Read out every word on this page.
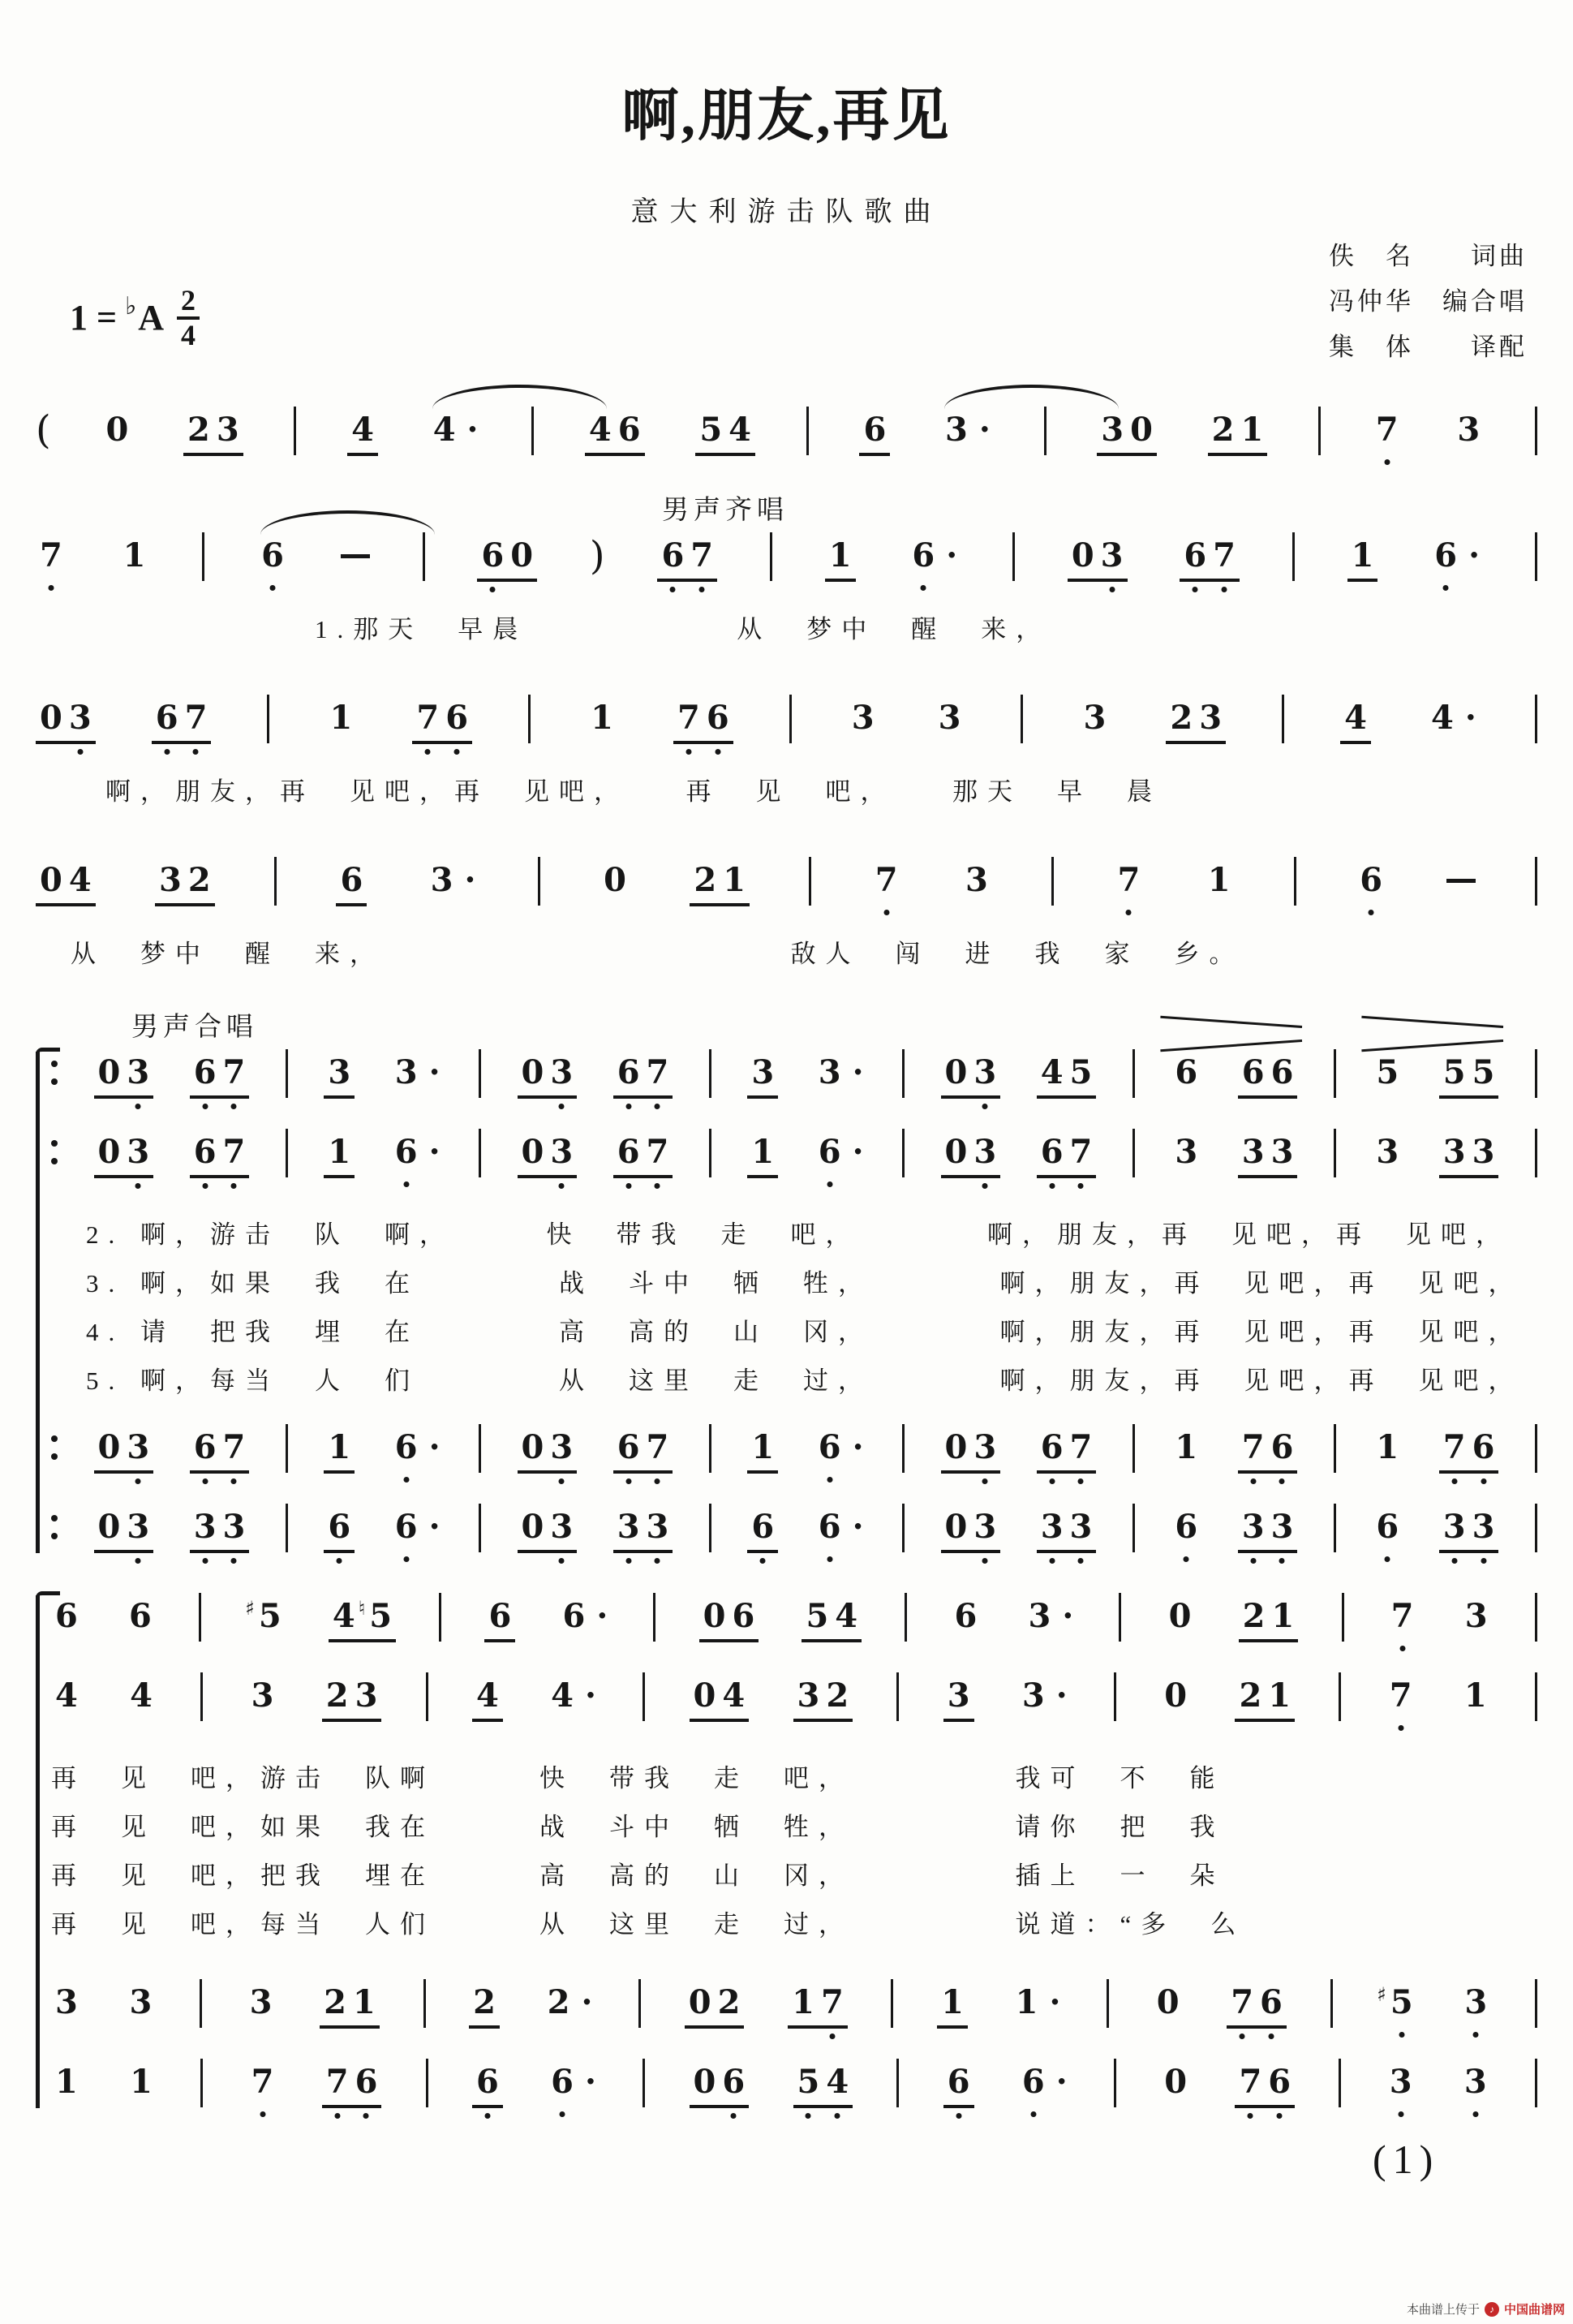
啊,朋友,再见
意大利游击队歌曲
佚　名　　词曲
冯仲华　编合唱
集　体　　译配
1 = ♭ A $\frac{2}{4}$
( 0 2 3	4 4 ·	4 6 5 4	6 3 ·	3 0 2 1	7 3
男声齐唱
7 1	6	6 0 ) 6 7	1 6 ·	0 3 6 7	1 6 ·
　　　　　　　　1.那天　早晨　　　　　　从　梦中　醒　来，
0 3 6 7	1 7 6	1 7 6	3 3	3 2 3	4 4 ·
　　啊，朋友，再　见吧，再　见吧，　　再　见　吧，　　那天　早　晨
0 4 3 2	6 3 ·	0 2 1	7 3	7 1	6
　从　梦中　醒　来，　　　　　　　　　　　　敌人　闯　进　我　家　乡。
男声合唱
0 3 6 7	3 3 ·	0 3 6 7	3 3 ·	0 3 4 5	6 6 6	5 5 5
0 3 6 7	1 6 ·	0 3 6 7	1 6 ·	0 3 6 7	3 3 3	3 3 3
　2. 啊，游击　队　啊，　　　快　带我　走　吧，　　　　啊，朋友，再　见吧，再　见吧，
　3. 啊，如果　我　在　　　　战　斗中　牺　牲，　　　　啊，朋友，再　见吧，再　见吧，
　4. 请　把我　埋　在　　　　高　高的　山　冈，　　　　啊，朋友，再　见吧，再　见吧，
　5. 啊，每当　人　们　　　　从　这里　走　过，　　　　啊，朋友，再　见吧，再　见吧，
0 3 6 7	1 6 ·	0 3 6 7	1 6 ·	0 3 6 7	1 7 6	1 7 6
0 3 3 3	6 6 ·	0 3 3 3	6 6 ·	0 3 3 3	6 3 3	6 3 3
6 6	♯ 5 4 ♮ 5	6 6 ·	0 6 5 4	6 3 ·	0 2 1	7 3
4 4	3 2 3	4 4 ·	0 4 3 2	3 3 ·	0 2 1	7 1
再　见　吧，游击　队啊　　　快　带我　走　吧，　　　　　我可　不　能
再　见　吧，如果　我在　　　战　斗中　牺　牲，　　　　　请你　把　我
再　见　吧，把我　埋在　　　高　高的　山　冈，　　　　　插上　一　朵
再　见　吧，每当　人们　　　从　这里　走　过，　　　　　说道：“多　么
3 3	3 2 1	2 2 ·	0 2 1 7	1 1 ·	0 7 6	♯ 5 3
1 1	7 7 6	6 6 ·	0 6 5 4	6 6 ·	0 7 6	3 3
(1)
本曲谱上传于	♪ 中国曲谱网
